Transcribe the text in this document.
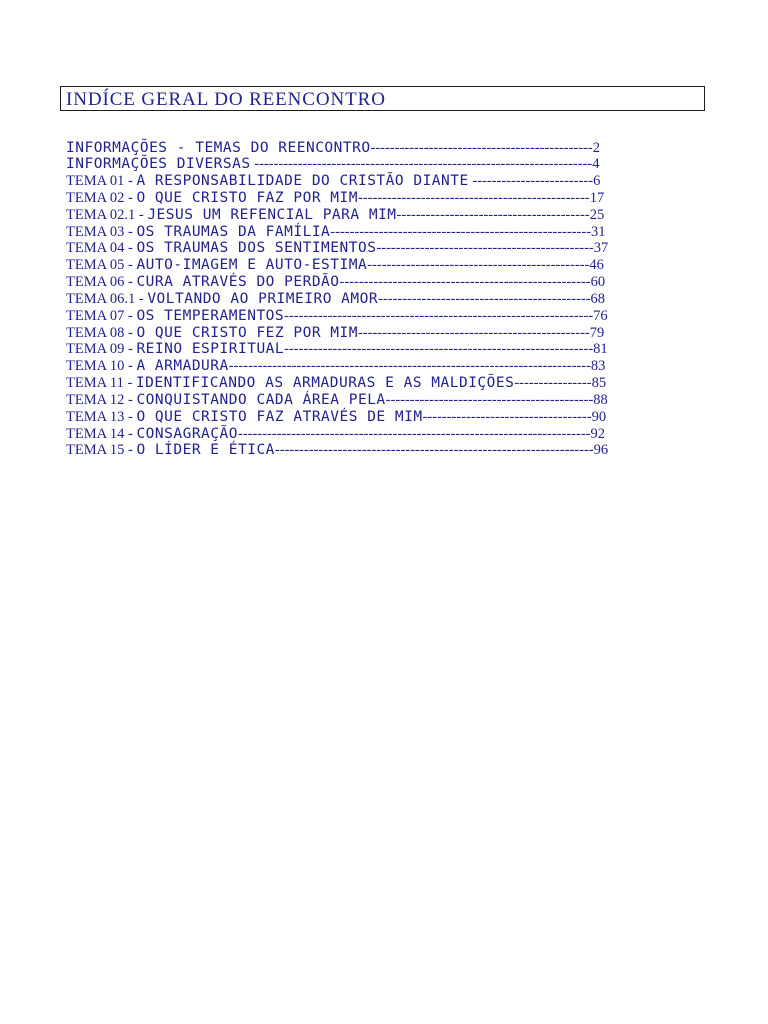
INDÍCE GERAL DO REENCONTRO
INFORMAÇÕES - TEMAS DO REENCONTRO----------------------------------------------2
INFORMAÇÕES DIVERSAS ----------------------------------------------------------------------4
TEMA 01 - A RESPONSABILIDADE DO CRISTÃO DIANTE -------------------------6
TEMA 02 - O QUE CRISTO FAZ POR MIM------------------------------------------------17
TEMA 02.1 - JESUS UM REFENCIAL PARA MIM----------------------------------------25
TEMA 03 - OS TRAUMAS DA FAMÍLIA------------------------------------------------------31
TEMA 04 - OS TRAUMAS DOS SENTIMENTOS---------------------------------------------37
TEMA 05 - AUTO-IMAGEM E AUTO-ESTIMA----------------------------------------------46
TEMA 06 - CURA ATRAVÉS DO PERDÃO----------------------------------------------------60
TEMA 06.1 - VOLTANDO AO PRIMEIRO AMOR--------------------------------------------68
TEMA 07 - OS TEMPERAMENTOS----------------------------------------------------------------76
TEMA 08 - O QUE CRISTO FEZ POR MIM------------------------------------------------79
TEMA 09 - REINO ESPIRITUAL----------------------------------------------------------------81
TEMA 10 - A ARMADURA---------------------------------------------------------------------------83
TEMA 11 - IDENTIFICANDO AS ARMADURAS E AS MALDIÇÕES----------------85
TEMA 12 - CONQUISTANDO CADA ÁREA PELA-------------------------------------------88
TEMA 13 - O QUE CRISTO FAZ ATRAVÉS DE MIM-----------------------------------90
TEMA 14 - CONSAGRAÇÃO-------------------------------------------------------------------------92
TEMA 15 - O LÍDER E ÉTICA------------------------------------------------------------------96
